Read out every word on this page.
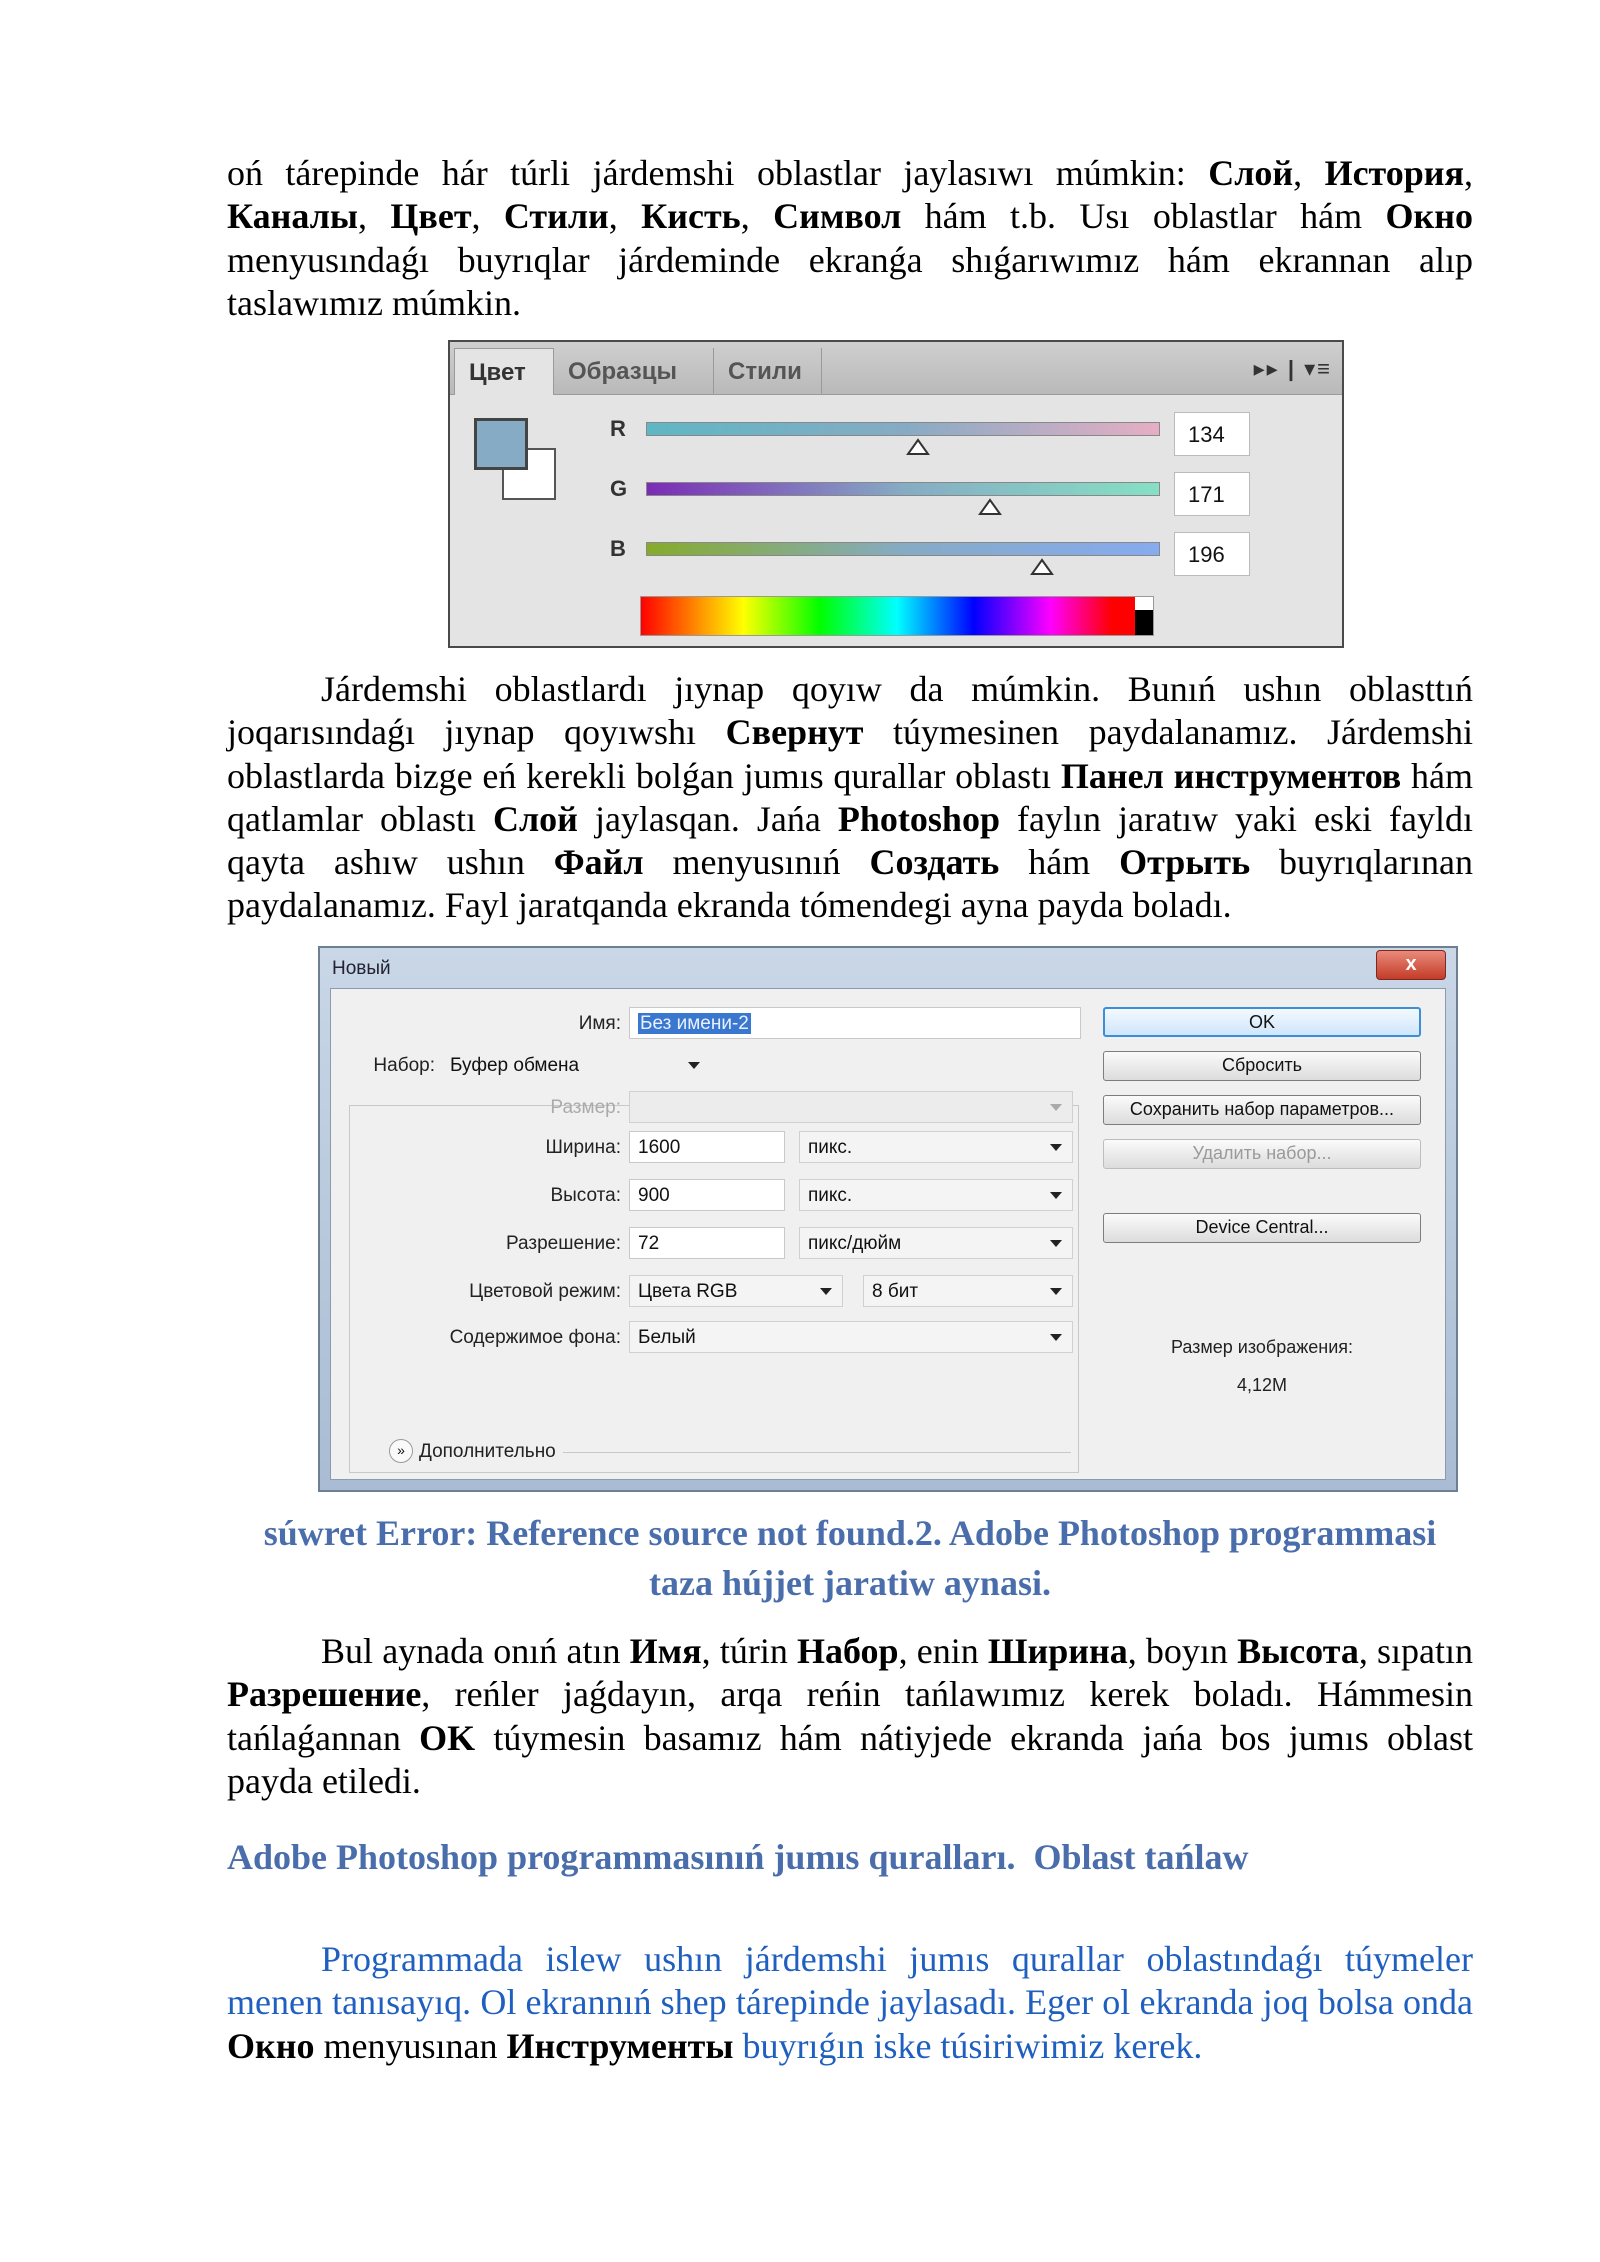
oń tárepinde hár túrli járdemshi oblastlar jaylasıwı múmkin: Слой, История, Каналы, Цвет, Стили, Кисть, Символ hám t.b. Usı oblastlar hám Окно menyusındaǵı buyrıqlar járdeminde ekranǵa shıǵarıwımız hám ekrannan alıp taslawımız múmkin.

Цвет	Образцы	Стили	▸▸ | ▾≡
R	134
G	171
B	196

Járdemshi oblastlardı jıynap qoyıw da múmkin. Bunıń ushın oblasttıń joqarısındaǵı jıynap qoyıwshı Свернут túymesinen paydalanamız. Járdemshi oblastlarda bizge eń kerekli bolǵan jumıs qurallar oblastı Панел инструментов hám qatlamlar oblastı Слой jaylasqan. Jańa Photoshop faylın jaratıw yaki eski fayldı qayta ashıw ushın Файл menyusınıń Создать hám Отрыть buyrıqlarınan paydalanamız. Fayl jaratqanda ekranda tómendegi ayna payda boladı.

Новый	x
Имя:	Без имени-2
Набор: Буфер обмена
Размер:
Ширина: 1600	пикс.
Высота: 900	пикс.
Разрешение: 72	пикс/дюйм
Цветовой режим: Цвета RGB	8 бит
Содержимое фона: Белый
» Дополнительно
OK
Сбросить
Сохранить набор параметров...
Удалить набор...
Device Central...
Размер изображения:
4,12M
súwret Error: Reference source not found.2. Adobe Photoshop programmasi
taza hújjet jaratiw aynasi.

Bul aynada onıń atın Имя, túrin Набор, enin Ширина, boyın Высота, sıpatın Разрешение, reńler jaǵdayın, arqa reńin tańlawımız kerek boladı. Hámmesin tańlaǵannan OK túymesin basamız hám nátiyjede ekranda jańa bos jumıs oblast payda etiledi.

Adobe Photoshop programmasınıń jumıs quralları.  Oblast tańlaw

Programmada islew ushın járdemshi jumıs qurallar oblastındaǵı túymeler menen tanısayıq. Ol ekrannıń shep tárepinde jaylasadı. Eger ol ekranda joq bolsa onda Окно menyusınan Инструменты buyrıǵın iske túsiriwimiz kerek.
